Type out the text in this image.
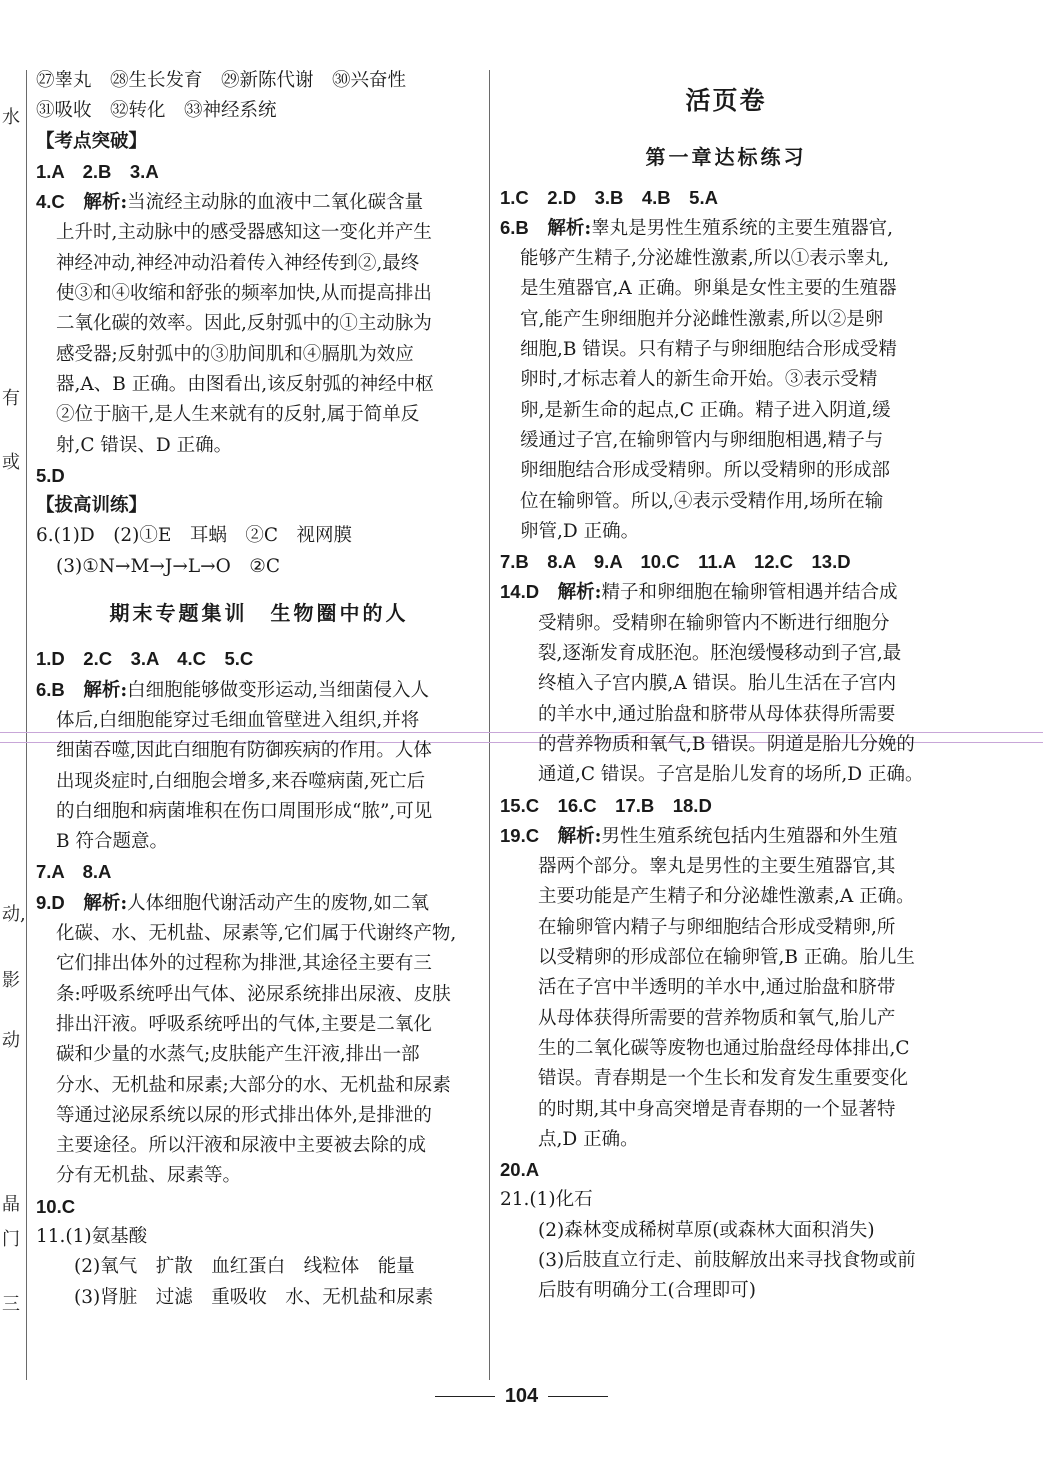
水
有
或
动,
影
动
晶
门
三
㉗睾丸　㉘生长发育　㉙新陈代谢　㉚兴奋性
㉛吸收　㉜转化　㉝神经系统
【考点突破】
1.A　2.B　3.A
4.C　 解析:当流经主动脉的血液中二氧化碳含量
上升时,主动脉中的感受器感知这一变化并产生
神经冲动,神经冲动沿着传入神经传到②,最终
使③和④收缩和舒张的频率加快,从而提高排出
二氧化碳的效率。因此,反射弧中的①主动脉为
感受器;反射弧中的③肋间肌和④膈肌为效应
器,A、B 正确。由图看出,该反射弧的神经中枢
②位于脑干,是人生来就有的反射,属于简单反
射,C 错误、D 正确。
5.D
【拔高训练】
6.(1)D　(2)①E　耳蜗　②C　视网膜
(3)①N→M→J→L→O　②C
期末专题集训　生物圈中的人
1.D　2.C　3.A　4.C　5.C
6.B　 解析:白细胞能够做变形运动,当细菌侵入人
体后,白细胞能穿过毛细血管壁进入组织,并将
细菌吞噬,因此白细胞有防御疾病的作用。人体
出现炎症时,白细胞会增多,来吞噬病菌,死亡后
的白细胞和病菌堆积在伤口周围形成“脓”,可见
B 符合题意。
7.A　8.A
9.D　 解析:人体细胞代谢活动产生的废物,如二氧
化碳、水、无机盐、尿素等,它们属于代谢终产物,
它们排出体外的过程称为排泄,其途径主要有三
条:呼吸系统呼出气体、泌尿系统排出尿液、皮肤
排出汗液。呼吸系统呼出的气体,主要是二氧化
碳和少量的水蒸气;皮肤能产生汗液,排出一部
分水、无机盐和尿素;大部分的水、无机盐和尿素
等通过泌尿系统以尿的形式排出体外,是排泄的
主要途径。所以汗液和尿液中主要被去除的成
分有无机盐、尿素等。
10.C
11.(1)氨基酸
(2)氧气　扩散　血红蛋白　线粒体　能量
(3)肾脏　过滤　重吸收　水、无机盐和尿素
活页卷
第一章达标练习
1.C　2.D　3.B　4.B　5.A
6.B　 解析:睾丸是男性生殖系统的主要生殖器官,
能够产生精子,分泌雄性激素,所以①表示睾丸,
是生殖器官,A 正确。卵巢是女性主要的生殖器
官,能产生卵细胞并分泌雌性激素,所以②是卵
细胞,B 错误。只有精子与卵细胞结合形成受精
卵时,才标志着人的新生命开始。③表示受精
卵,是新生命的起点,C 正确。精子进入阴道,缓
缓通过子宫,在输卵管内与卵细胞相遇,精子与
卵细胞结合形成受精卵。所以受精卵的形成部
位在输卵管。所以,④表示受精作用,场所在输
卵管,D 正确。
7.B　8.A　9.A　10.C　11.A　12.C　13.D
14.D　 解析:精子和卵细胞在输卵管相遇并结合成
受精卵。受精卵在输卵管内不断进行细胞分
裂,逐渐发育成胚泡。胚泡缓慢移动到子宫,最
终植入子宫内膜,A 错误。胎儿生活在子宫内
的羊水中,通过胎盘和脐带从母体获得所需要
的营养物质和氧气,B 错误。阴道是胎儿分娩的
通道,C 错误。子宫是胎儿发育的场所,D 正确。
15.C　16.C　17.B　18.D
19.C　 解析:男性生殖系统包括内生殖器和外生殖
器两个部分。睾丸是男性的主要生殖器官,其
主要功能是产生精子和分泌雄性激素,A 正确。
在输卵管内精子与卵细胞结合形成受精卵,所
以受精卵的形成部位在输卵管,B 正确。胎儿生
活在子宫中半透明的羊水中,通过胎盘和脐带
从母体获得所需要的营养物质和氧气,胎儿产
生的二氧化碳等废物也通过胎盘经母体排出,C
错误。青春期是一个生长和发育发生重要变化
的时期,其中身高突增是青春期的一个显著特
点,D 正确。
20.A
21.(1)化石
(2)森林变成稀树草原(或森林大面积消失)
(3)后肢直立行走、前肢解放出来寻找食物或前
后肢有明确分工(合理即可)
104
